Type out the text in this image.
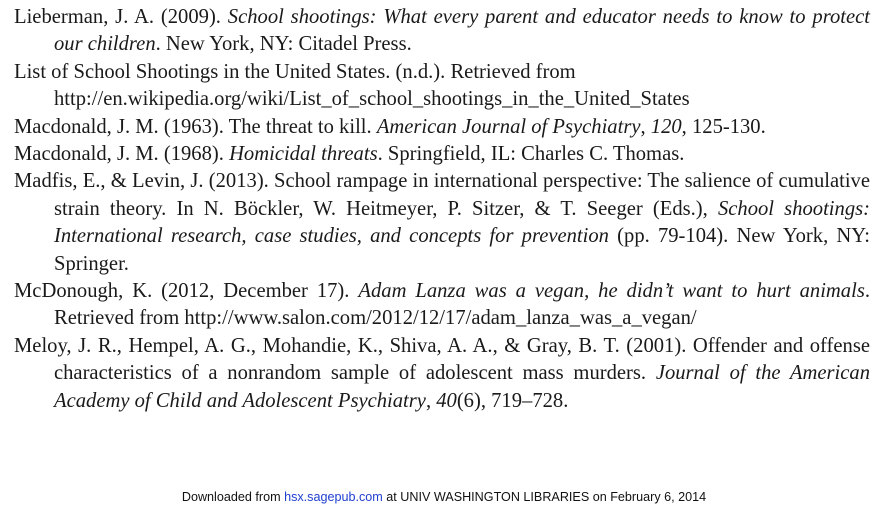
Lieberman, J. A. (2009). School shootings: What every parent and educator needs to know to protect our children. New York, NY: Citadel Press.

List of School Shootings in the United States. (n.d.). Retrieved from http://en.wikipedia.org/wiki/List_of_school_shootings_in_the_United_States

Macdonald, J. M. (1963). The threat to kill. American Journal of Psychiatry, 120, 125-130.

Macdonald, J. M. (1968). Homicidal threats. Springfield, IL: Charles C. Thomas.

Madfis, E., & Levin, J. (2013). School rampage in international perspective: The salience of cumulative strain theory. In N. Böckler, W. Heitmeyer, P. Sitzer, & T. Seeger (Eds.), School shootings: International research, case studies, and concepts for prevention (pp. 79-104). New York, NY: Springer.

McDonough, K. (2012, December 17). Adam Lanza was a vegan, he didn’t want to hurt animals. Retrieved from http://www.salon.com/2012/12/17/adam_lanza_was_a_vegan/

Meloy, J. R., Hempel, A. G., Mohandie, K., Shiva, A. A., & Gray, B. T. (2001). Offender and offense characteristics of a nonrandom sample of adolescent mass murders. Journal of the American Academy of Child and Adolescent Psychiatry, 40(6), 719–728.

Downloaded from hsx.sagepub.com at UNIV WASHINGTON LIBRARIES on February 6, 2014
